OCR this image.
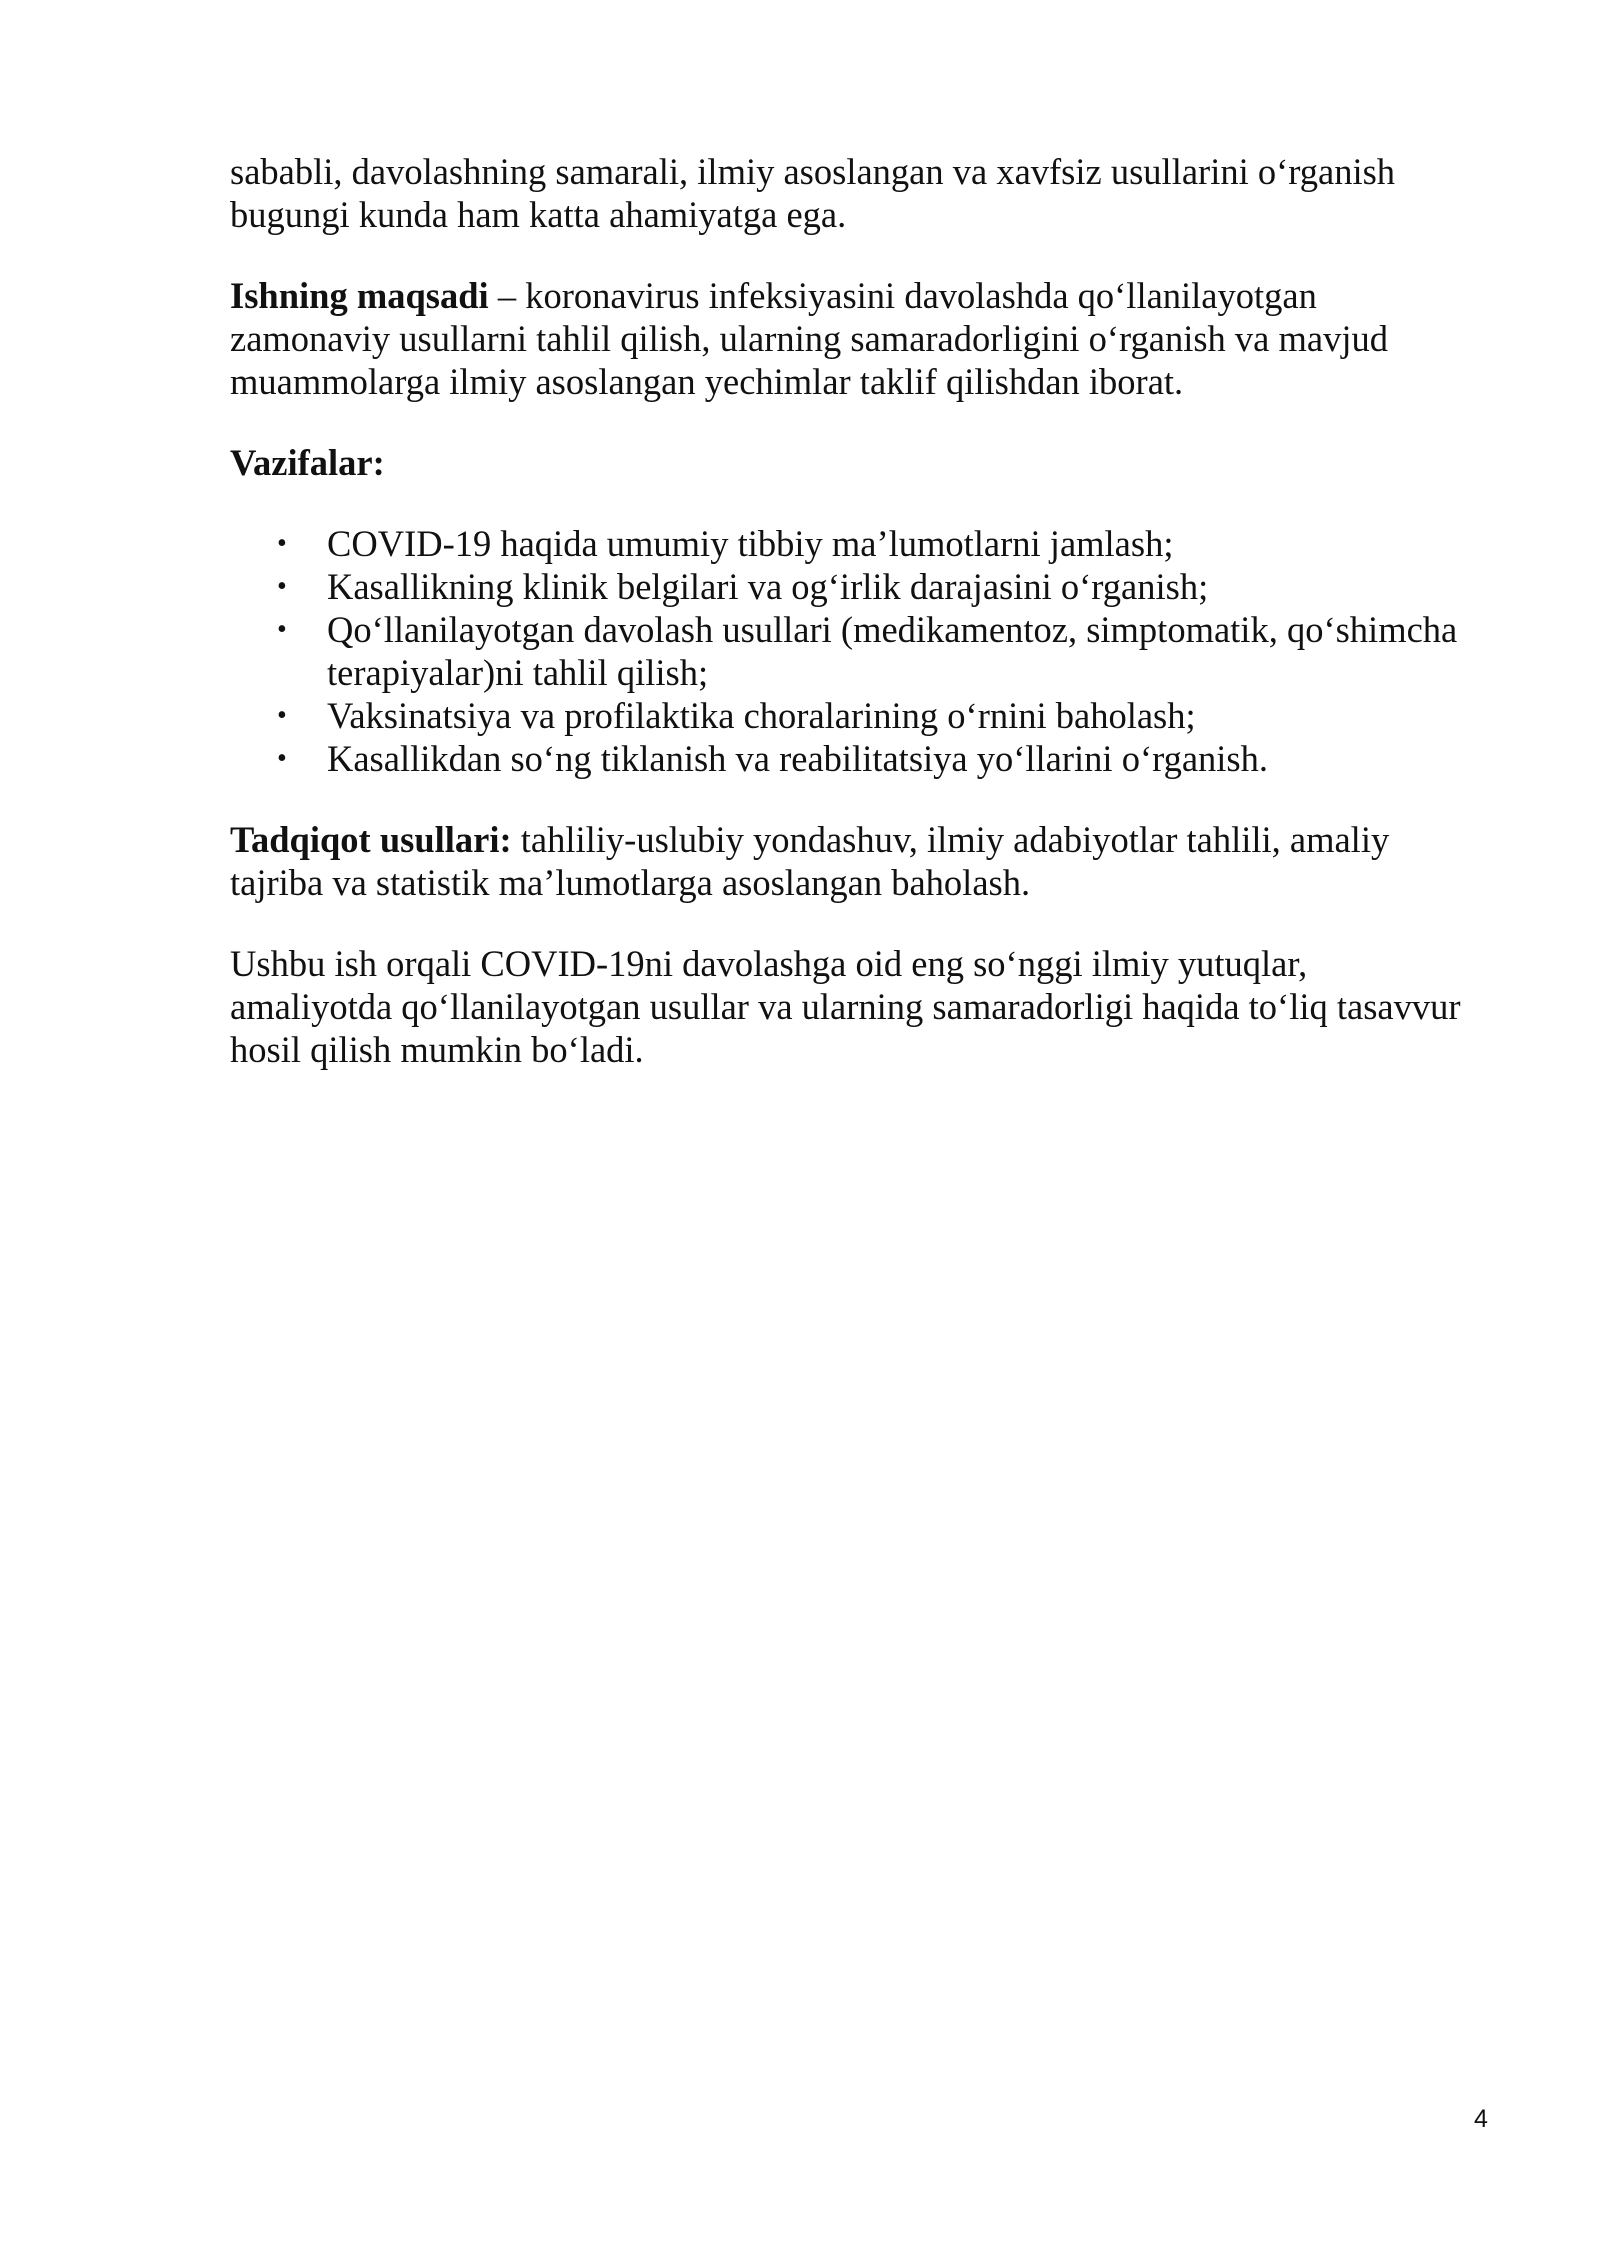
sababli, davolashning samarali, ilmiy asoslangan va xavfsiz usullarini o‘rganish bugungi kunda ham katta ahamiyatga ega.

Ishning maqsadi – koronavirus infeksiyasini davolashda qo‘llanilayotgan zamonaviy usullarni tahlil qilish, ularning samaradorligini o‘rganish va mavjud muammolarga ilmiy asoslangan yechimlar taklif qilishdan iborat.

Vazifalar:
• COVID-19 haqida umumiy tibbiy ma’lumotlarni jamlash;
• Kasallikning klinik belgilari va og‘irlik darajasini o‘rganish;
• Qo‘llanilayotgan davolash usullari (medikamentoz, simptomatik, qo‘shimcha terapiyalar)ni tahlil qilish;
• Vaksinatsiya va profilaktika choralarining o‘rnini baholash;
• Kasallikdan so‘ng tiklanish va reabilitatsiya yo‘llarini o‘rganish.

Tadqiqot usullari: tahliliy-uslubiy yondashuv, ilmiy adabiyotlar tahlili, amaliy tajriba va statistik ma’lumotlarga asoslangan baholash.

Ushbu ish orqali COVID-19ni davolashga oid eng so‘nggi ilmiy yutuqlar, amaliyotda qo‘llanilayotgan usullar va ularning samaradorligi haqida to‘liq tasavvur hosil qilish mumkin bo‘ladi.

4
